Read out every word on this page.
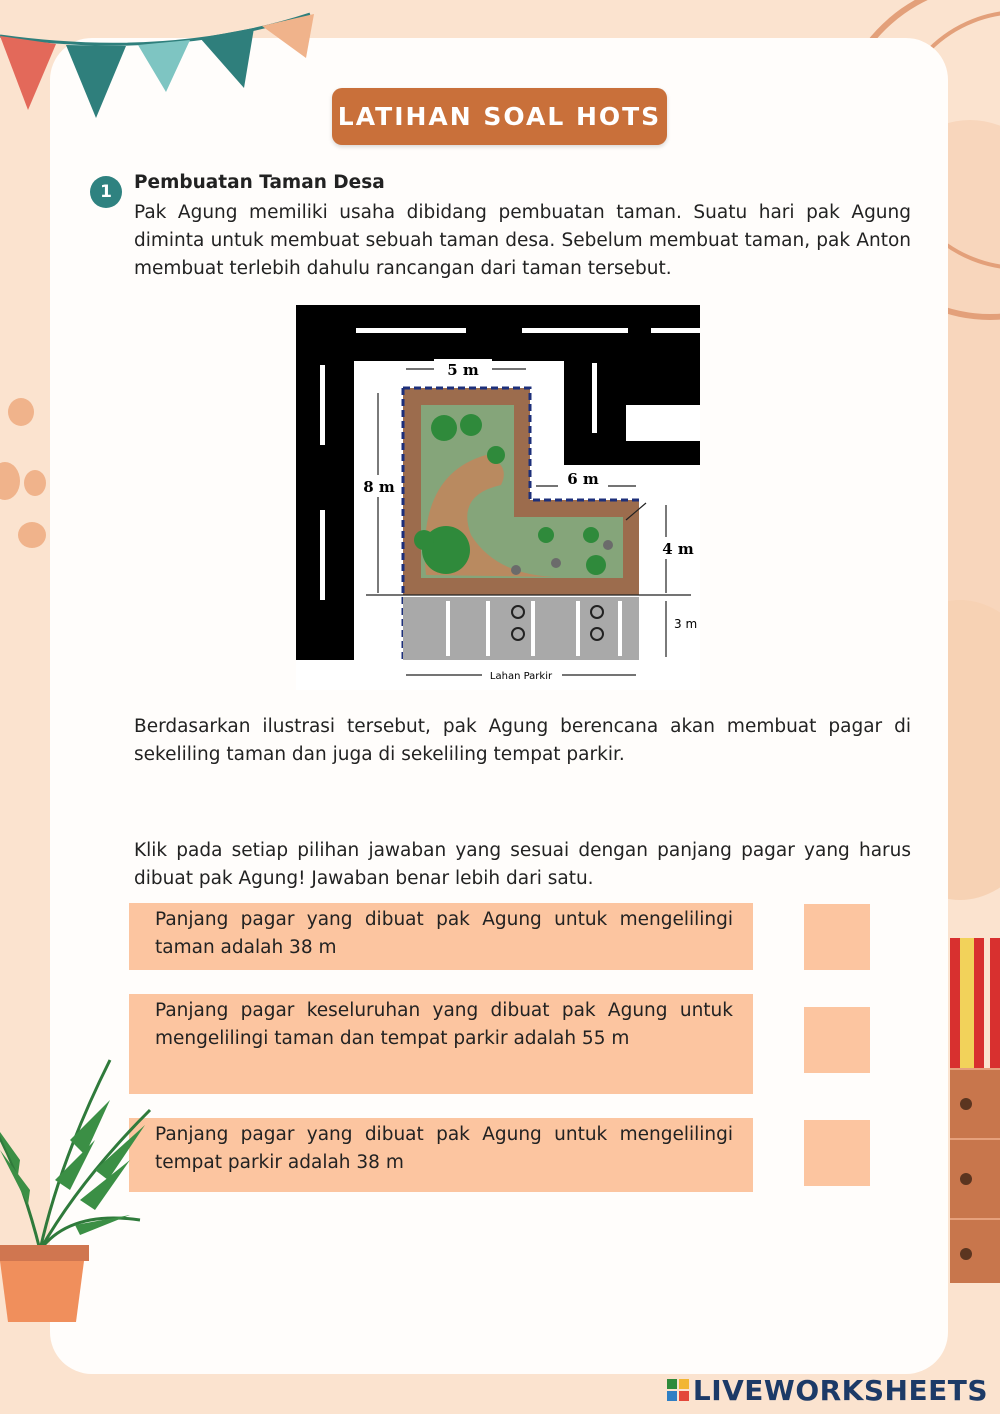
LATIHAN SOAL HOTS
1	Pembuatan Taman Desa
Pak Agung memiliki usaha dibidang pembuatan taman. Suatu hari pak Agung diminta untuk membuat sebuah taman desa. Sebelum membuat taman, pak Anton membuat terlebih dahulu rancangan dari taman tersebut.
5 m
8 m	6 m
4 m
3 m
Lahan Parkir
Berdasarkan ilustrasi tersebut, pak Agung berencana akan membuat pagar di sekeliling taman dan juga di sekeliling tempat parkir.
Klik pada setiap pilihan jawaban yang sesuai dengan panjang pagar yang harus dibuat pak Agung! Jawaban benar lebih dari satu.
Panjang pagar yang dibuat pak Agung untuk mengelilingi taman adalah 38 m
Panjang pagar keseluruhan yang dibuat pak Agung untuk mengelilingi taman dan tempat parkir adalah 55 m
Panjang pagar yang dibuat pak Agung untuk mengelilingi tempat parkir adalah 38 m
LIVEWORKSHEETS
